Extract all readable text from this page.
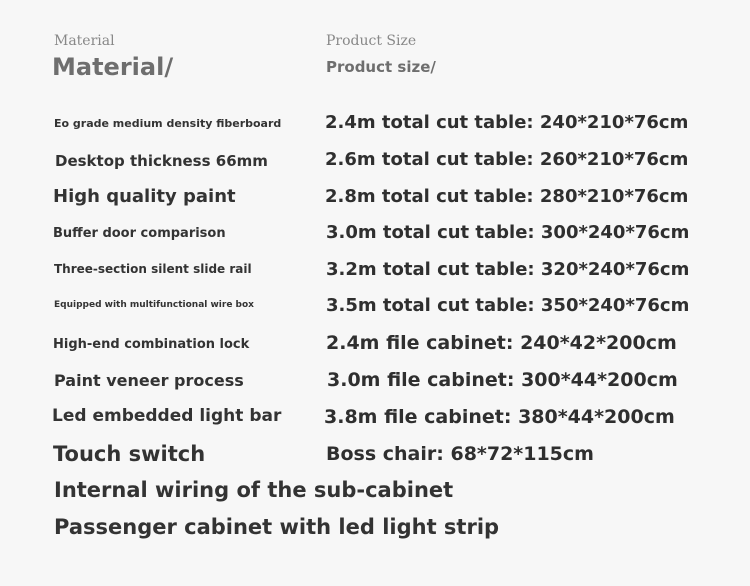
Material
Material/
Product Size
Product size/
Eo grade medium density fiberboard
Desktop thickness 66mm
High quality paint
Buffer door comparison
Three-section silent slide rail
Equipped with multifunctional wire box
High-end combination lock
Paint veneer process
Led embedded light bar
Touch switch
Internal wiring of the sub-cabinet
Passenger cabinet with led light strip
2.4m total cut table: 240*210*76cm
2.6m total cut table: 260*210*76cm
2.8m total cut table: 280*210*76cm
3.0m total cut table: 300*240*76cm
3.2m total cut table: 320*240*76cm
3.5m total cut table: 350*240*76cm
2.4m file cabinet: 240*42*200cm
3.0m file cabinet: 300*44*200cm
3.8m file cabinet: 380*44*200cm
Boss chair: 68*72*115cm
